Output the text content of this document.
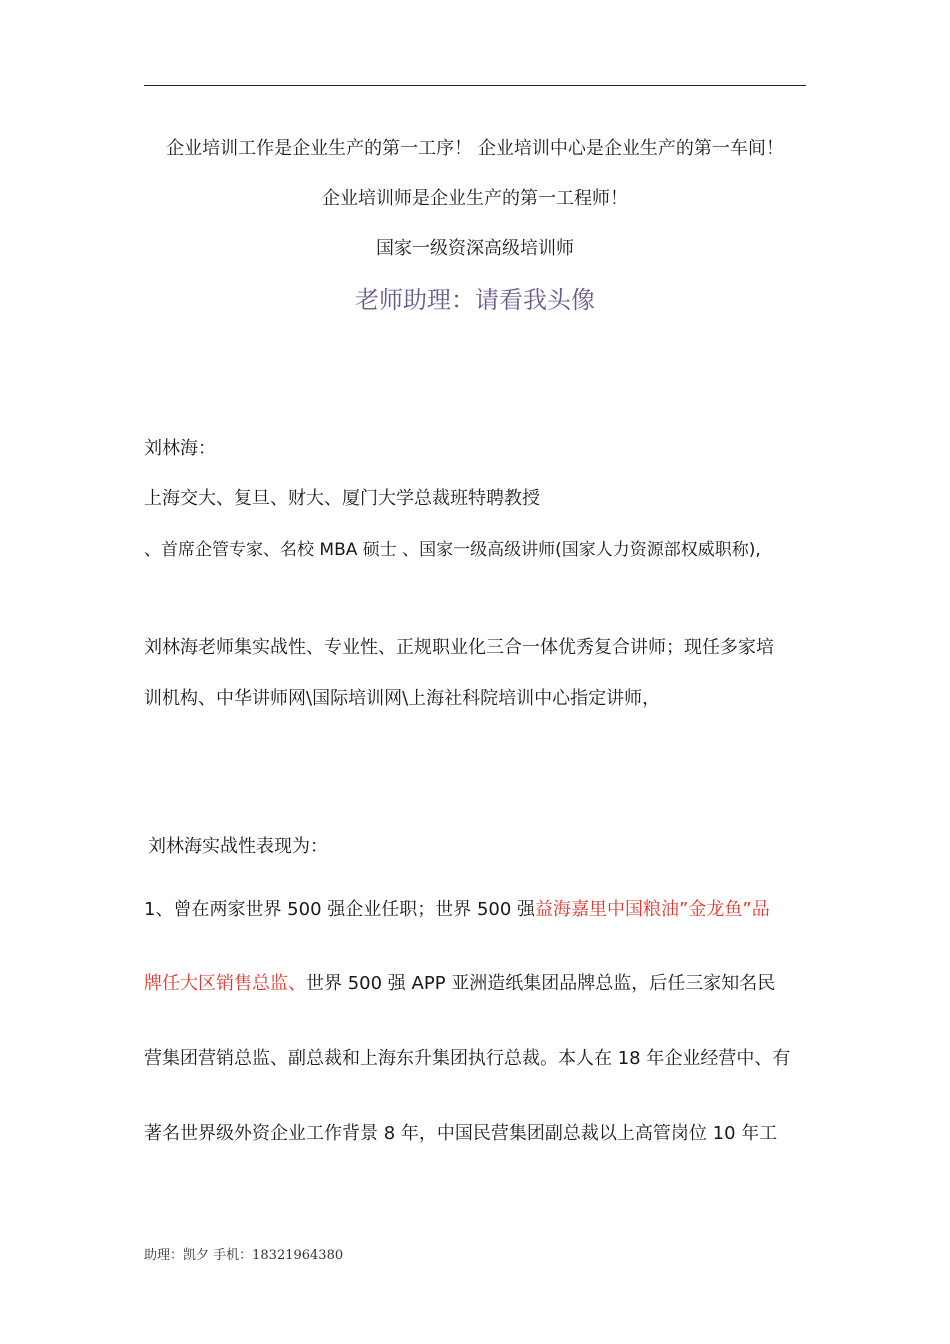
企业培训工作是企业生产的第一工序！ 企业培训中心是企业生产的第一车间！
企业培训师是企业生产的第一工程师！
国家一级资深高级培训师
老师助理：请看我头像
刘林海：
上海交大、复旦、财大、厦门大学总裁班特聘教授
、首席企管专家、名校 MBA 硕士 、国家一级高级讲师(国家人力资源部权威职称),
刘林海老师集实战性、专业性、正规职业化三合一体优秀复合讲师；现任多家培
训机构、中华讲师网\国际培训网\上海社科院培训中心指定讲师，
刘林海实战性表现为：
1、曾在两家世界 500 强企业任职；世界 500 强益海嘉里中国粮油”金龙鱼”品
牌任大区销售总监、世界 500 强 APP 亚洲造纸集团品牌总监，后任三家知名民
营集团营销总监、副总裁和上海东升集团执行总裁。本人在 18 年企业经营中、有
著名世界级外资企业工作背景 8 年，中国民营集团副总裁以上高管岗位 10 年工
助理：凯夕 手机：18321964380
